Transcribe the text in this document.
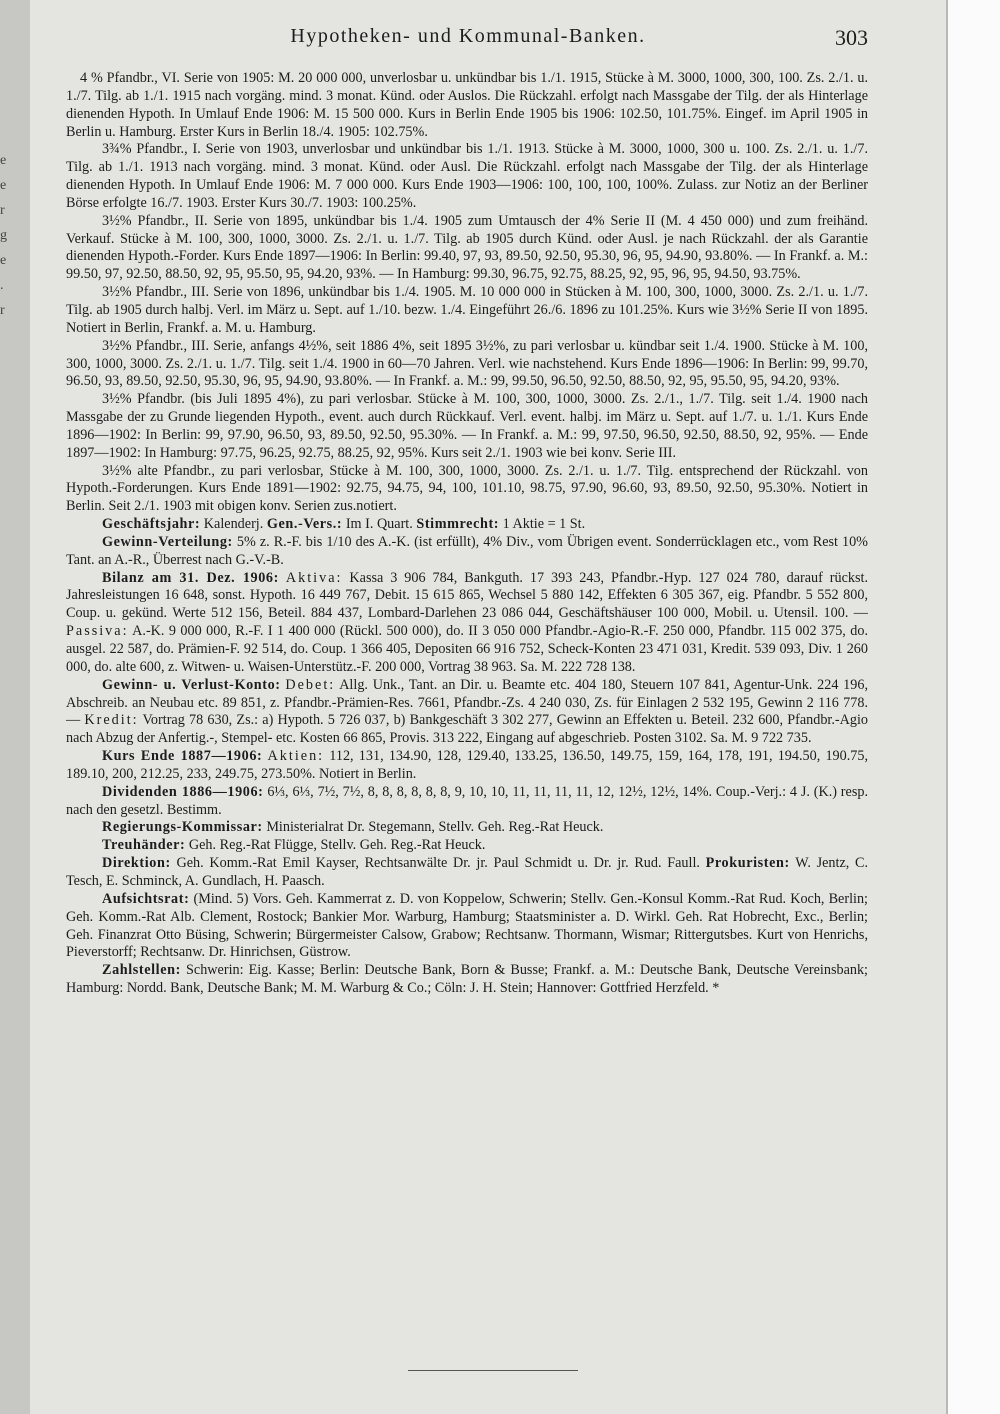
e
e
r
g
e
.
r
Hypotheken- und Kommunal-Banken.	303

4 % Pfandbr., VI. Serie von 1905: M. 20 000 000, unverlosbar u. unkündbar bis 1./1. 1915, Stücke à M. 3000, 1000, 300, 100. Zs. 2./1. u. 1./7. Tilg. ab 1./1. 1915 nach vorgäng. mind. 3 monat. Künd. oder Auslos. Die Rückzahl. erfolgt nach Massgabe der Tilg. der als Hinterlage dienenden Hypoth. In Umlauf Ende 1906: M. 15 500 000. Kurs in Berlin Ende 1905 bis 1906: 102.50, 101.75%. Eingef. im April 1905 in Berlin u. Hamburg. Erster Kurs in Berlin 18./4. 1905: 102.75%.

3¾% Pfandbr., I. Serie von 1903, unverlosbar und unkündbar bis 1./1. 1913. Stücke à M. 3000, 1000, 300 u. 100. Zs. 2./1. u. 1./7. Tilg. ab 1./1. 1913 nach vorgäng. mind. 3 monat. Künd. oder Ausl. Die Rückzahl. erfolgt nach Massgabe der Tilg. der als Hinterlage dienenden Hypoth. In Umlauf Ende 1906: M. 7 000 000. Kurs Ende 1903—1906: 100, 100, 100, 100%. Zulass. zur Notiz an der Berliner Börse erfolgte 16./7. 1903. Erster Kurs 30./7. 1903: 100.25%.

3½% Pfandbr., II. Serie von 1895, unkündbar bis 1./4. 1905 zum Umtausch der 4% Serie II (M. 4 450 000) und zum freihänd. Verkauf. Stücke à M. 100, 300, 1000, 3000. Zs. 2./1. u. 1./7. Tilg. ab 1905 durch Künd. oder Ausl. je nach Rückzahl. der als Garantie dienenden Hypoth.-Forder. Kurs Ende 1897—1906: In Berlin: 99.40, 97, 93, 89.50, 92.50, 95.30, 96, 95, 94.90, 93.80%. — In Frankf. a. M.: 99.50, 97, 92.50, 88.50, 92, 95, 95.50, 95, 94.20, 93%. — In Hamburg: 99.30, 96.75, 92.75, 88.25, 92, 95, 96, 95, 94.50, 93.75%.

3½% Pfandbr., III. Serie von 1896, unkündbar bis 1./4. 1905. M. 10 000 000 in Stücken à M. 100, 300, 1000, 3000. Zs. 2./1. u. 1./7. Tilg. ab 1905 durch halbj. Verl. im März u. Sept. auf 1./10. bezw. 1./4. Eingeführt 26./6. 1896 zu 101.25%. Kurs wie 3½% Serie II von 1895. Notiert in Berlin, Frankf. a. M. u. Hamburg.

3½% Pfandbr., III. Serie, anfangs 4½%, seit 1886 4%, seit 1895 3½%, zu pari verlosbar u. kündbar seit 1./4. 1900. Stücke à M. 100, 300, 1000, 3000. Zs. 2./1. u. 1./7. Tilg. seit 1./4. 1900 in 60—70 Jahren. Verl. wie nachstehend. Kurs Ende 1896—1906: In Berlin: 99, 99.70, 96.50, 93, 89.50, 92.50, 95.30, 96, 95, 94.90, 93.80%. — In Frankf. a. M.: 99, 99.50, 96.50, 92.50, 88.50, 92, 95, 95.50, 95, 94.20, 93%.

3½% Pfandbr. (bis Juli 1895 4%), zu pari verlosbar. Stücke à M. 100, 300, 1000, 3000. Zs. 2./1., 1./7. Tilg. seit 1./4. 1900 nach Massgabe der zu Grunde liegenden Hypoth., event. auch durch Rückkauf. Verl. event. halbj. im März u. Sept. auf 1./7. u. 1./1. Kurs Ende 1896—1902: In Berlin: 99, 97.90, 96.50, 93, 89.50, 92.50, 95.30%. — In Frankf. a. M.: 99, 97.50, 96.50, 92.50, 88.50, 92, 95%. — Ende 1897—1902: In Hamburg: 97.75, 96.25, 92.75, 88.25, 92, 95%. Kurs seit 2./1. 1903 wie bei konv. Serie III.

3½% alte Pfandbr., zu pari verlosbar, Stücke à M. 100, 300, 1000, 3000. Zs. 2./1. u. 1./7. Tilg. entsprechend der Rückzahl. von Hypoth.-Forderungen. Kurs Ende 1891—1902: 92.75, 94.75, 94, 100, 101.10, 98.75, 97.90, 96.60, 93, 89.50, 92.50, 95.30%. Notiert in Berlin. Seit 2./1. 1903 mit obigen konv. Serien zus.notiert.

Geschäftsjahr: Kalenderj. Gen.-Vers.: Im I. Quart. Stimmrecht: 1 Aktie = 1 St.

Gewinn-Verteilung: 5% z. R.-F. bis 1/10 des A.-K. (ist erfüllt), 4% Div., vom Übrigen event. Sonderrücklagen etc., vom Rest 10% Tant. an A.-R., Überrest nach G.-V.-B.

Bilanz am 31. Dez. 1906: Aktiva: Kassa 3 906 784, Bankguth. 17 393 243, Pfandbr.-Hyp. 127 024 780, darauf rückst. Jahresleistungen 16 648, sonst. Hypoth. 16 449 767, Debit. 15 615 865, Wechsel 5 880 142, Effekten 6 305 367, eig. Pfandbr. 5 552 800, Coup. u. gekünd. Werte 512 156, Beteil. 884 437, Lombard-Darlehen 23 086 044, Geschäftshäuser 100 000, Mobil. u. Utensil. 100. — Passiva: A.-K. 9 000 000, R.-F. I 1 400 000 (Rückl. 500 000), do. II 3 050 000 Pfandbr.-Agio-R.-F. 250 000, Pfandbr. 115 002 375, do. ausgel. 22 587, do. Prämien-F. 92 514, do. Coup. 1 366 405, Depositen 66 916 752, Scheck-Konten 23 471 031, Kredit. 539 093, Div. 1 260 000, do. alte 600, z. Witwen- u. Waisen-Unterstütz.-F. 200 000, Vortrag 38 963. Sa. M. 222 728 138.

Gewinn- u. Verlust-Konto: Debet: Allg. Unk., Tant. an Dir. u. Beamte etc. 404 180, Steuern 107 841, Agentur-Unk. 224 196, Abschreib. an Neubau etc. 89 851, z. Pfandbr.-Prämien-Res. 7661, Pfandbr.-Zs. 4 240 030, Zs. für Einlagen 2 532 195, Gewinn 2 116 778. — Kredit: Vortrag 78 630, Zs.: a) Hypoth. 5 726 037, b) Bankgeschäft 3 302 277, Gewinn an Effekten u. Beteil. 232 600, Pfandbr.-Agio nach Abzug der Anfertig.-, Stempel- etc. Kosten 66 865, Provis. 313 222, Eingang auf abgeschrieb. Posten 3102. Sa. M. 9 722 735.

Kurs Ende 1887—1906: Aktien: 112, 131, 134.90, 128, 129.40, 133.25, 136.50, 149.75, 159, 164, 178, 191, 194.50, 190.75, 189.10, 200, 212.25, 233, 249.75, 273.50%. Notiert in Berlin.

Dividenden 1886—1906: 6⅓, 6⅓, 7½, 7½, 8, 8, 8, 8, 8, 8, 9, 10, 10, 11, 11, 11, 11, 12, 12½, 12½, 14%. Coup.-Verj.: 4 J. (K.) resp. nach den gesetzl. Bestimm.

Regierungs-Kommissar: Ministerialrat Dr. Stegemann, Stellv. Geh. Reg.-Rat Heuck.

Treuhänder: Geh. Reg.-Rat Flügge, Stellv. Geh. Reg.-Rat Heuck.

Direktion: Geh. Komm.-Rat Emil Kayser, Rechtsanwälte Dr. jr. Paul Schmidt u. Dr. jr. Rud. Faull. Prokuristen: W. Jentz, C. Tesch, E. Schminck, A. Gundlach, H. Paasch.

Aufsichtsrat: (Mind. 5) Vors. Geh. Kammerrat z. D. von Koppelow, Schwerin; Stellv. Gen.-Konsul Komm.-Rat Rud. Koch, Berlin; Geh. Komm.-Rat Alb. Clement, Rostock; Bankier Mor. Warburg, Hamburg; Staatsminister a. D. Wirkl. Geh. Rat Hobrecht, Exc., Berlin; Geh. Finanzrat Otto Büsing, Schwerin; Bürgermeister Calsow, Grabow; Rechtsanw. Thormann, Wismar; Rittergutsbes. Kurt von Henrichs, Pieverstorff; Rechtsanw. Dr. Hinrichsen, Güstrow.

Zahlstellen: Schwerin: Eig. Kasse; Berlin: Deutsche Bank, Born & Busse; Frankf. a. M.: Deutsche Bank, Deutsche Vereinsbank; Hamburg: Nordd. Bank, Deutsche Bank; M. M. Warburg & Co.; Cöln: J. H. Stein; Hannover: Gottfried Herzfeld. *
